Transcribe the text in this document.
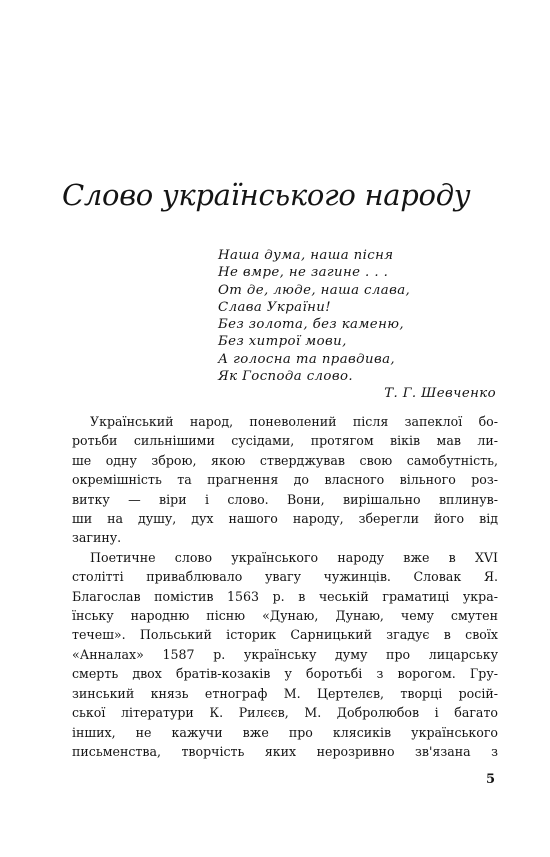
Слово українського народу
Наша дума, наша пісня
Не вмре, не загине . . .
От де, люде, наша слава,
Слава України!
Без золота, без каменю,
Без хитрої мови,
А голосна та правдива,
Як Господа слово.
Т. Г. Шевченко
Український народ, поневолений після запеклої бо-
ротьби сильнішими сусідами, протягом віків мав ли-
ше одну зброю, якою стверджував свою самобутність,
окремішність та прагнення до власного вільного роз-
витку — віри і слово. Вони, вирішально вплинув-
ши на душу, дух нашого народу, зберегли його від
загину.
Поетичне слово українського народу вже в XVI
столітті привaблювало увагу чужинців. Словак Я.
Благослав помістив 1563 р. в чеській граматиці укра-
їнську народню пісню «Дунаю, Дунаю, чему смутен
течеш». Польський історик Сарницький згадує в своїх
«Анналах» 1587 р. українську думу про лицарську
смерть двох братів-козаків у боротьбі з ворогом. Гру-
зинський князь етнограф М. Цертелєв, творці росій-
ської літератури К. Рилєєв, М. Добролюбов і багато
інших, не кажучи вже про клясиків українського
письменства, творчість яких нерозривно зв'язана з
5
